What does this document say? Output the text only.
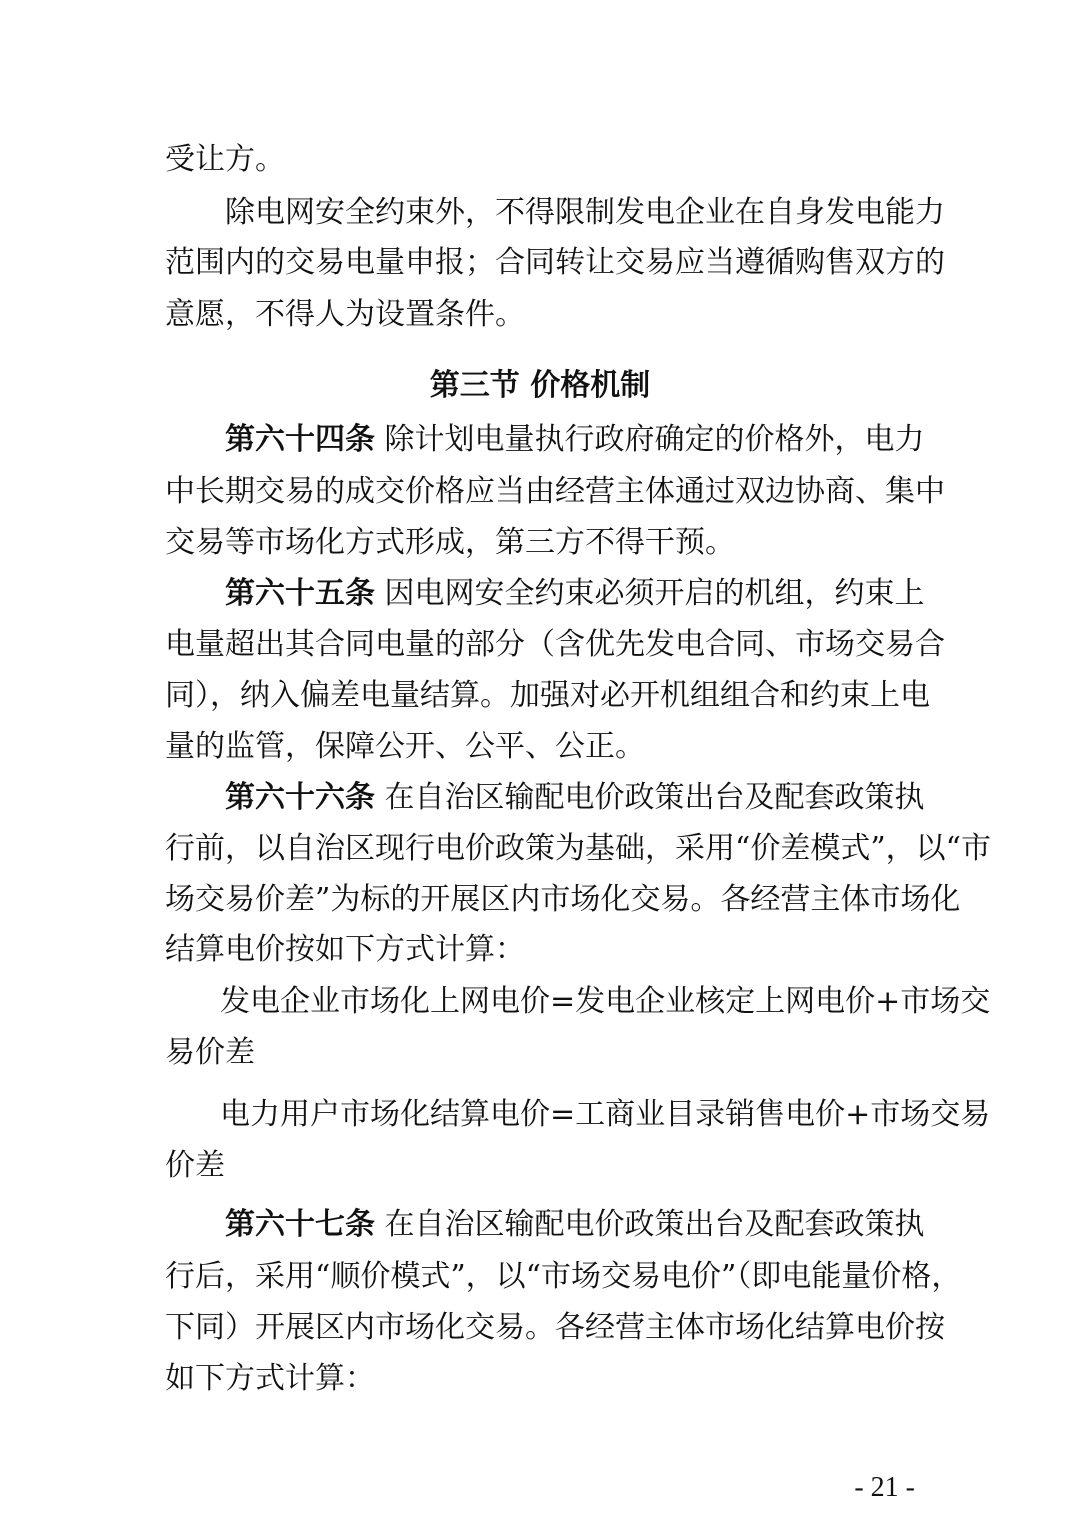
受让方。
除电网安全约束外，不得限制发电企业在自身发电能力
范围内的交易电量申报；合同转让交易应当遵循购售双方的
意愿，不得人为设置条件。
第三节 价格机制
第六十四条 除计划电量执行政府确定的价格外，电力
中长期交易的成交价格应当由经营主体通过双边协商、集中
交易等市场化方式形成，第三方不得干预。
第六十五条 因电网安全约束必须开启的机组，约束上
电量超出其合同电量的部分（含优先发电合同、市场交易合
同），纳入偏差电量结算。加强对必开机组组合和约束上电
量的监管，保障公开、公平、公正。
第六十六条 在自治区输配电价政策出台及配套政策执
行前，以自治区现行电价政策为基础，采用“价差模式”，以“市
场交易价差”为标的开展区内市场化交易。各经营主体市场化
结算电价按如下方式计算：
发电企业市场化上网电价=发电企业核定上网电价+市场交
易价差
电力用户市场化结算电价=工商业目录销售电价+市场交易
价差
第六十七条 在自治区输配电价政策出台及配套政策执
行后，采用“顺价模式”，以“市场交易电价”（即电能量价格，
下同）开展区内市场化交易。各经营主体市场化结算电价按
如下方式计算：
- 21 -
